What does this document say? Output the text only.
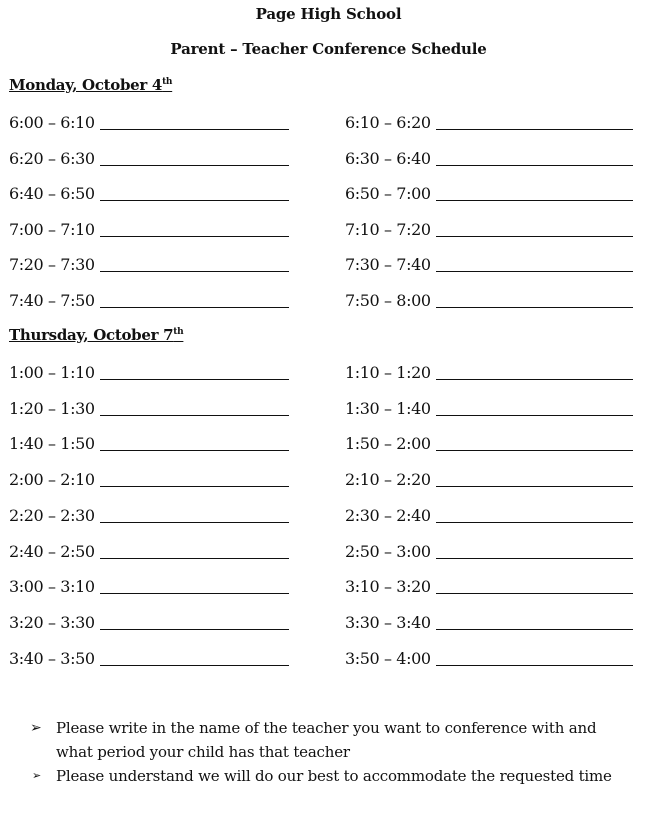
Page High School
Parent – Teacher Conference Schedule
Monday, October 4th
6:00 – 6:10	6:10 – 6:20
6:20 – 6:30	6:30 – 6:40
6:40 – 6:50	6:50 – 7:00
7:00 – 7:10	7:10 – 7:20
7:20 – 7:30	7:30 – 7:40
7:40 – 7:50	7:50 – 8:00
Thursday, October 7th
1:00 – 1:10	1:10 – 1:20
1:20 – 1:30	1:30 – 1:40
1:40 – 1:50	1:50 – 2:00
2:00 – 2:10	2:10 – 2:20
2:20 – 2:30	2:30 – 2:40
2:40 – 2:50	2:50 – 3:00
3:00 – 3:10	3:10 – 3:20
3:20 – 3:30	3:30 – 3:40
3:40 – 3:50	3:50 – 4:00
➢ Please write in the name of the teacher you want to conference with and what period your child has that teacher
➢ Please understand we will do our best to accommodate the requested time
